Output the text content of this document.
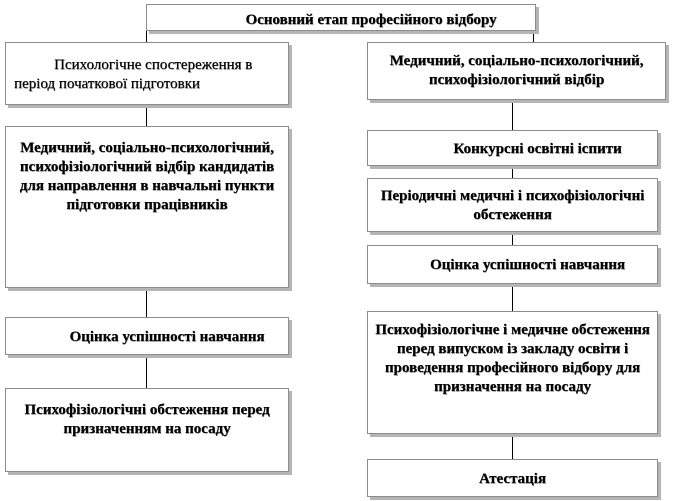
Основний етап професійного відбору
Психологічне спостереження в період початкової підготовки
Медичний, соціально-психологічний, психофізіологічний відбір кандидатів для направлення в навчальні пункти підготовки працівників
Оцінка успішності навчання
Психофізіологічні обстеження перед призначенням на посаду
Медичний, соціально-психологічний, психофізіологічний відбір
Конкурсні освітні іспити
Періодичні медичні і психофізіологічні обстеження
Оцінка успішності навчання
Психофізіологічне і медичне обстеження перед випуском із закладу освіти і проведення професійного відбору для призначення на посаду
Атестація
